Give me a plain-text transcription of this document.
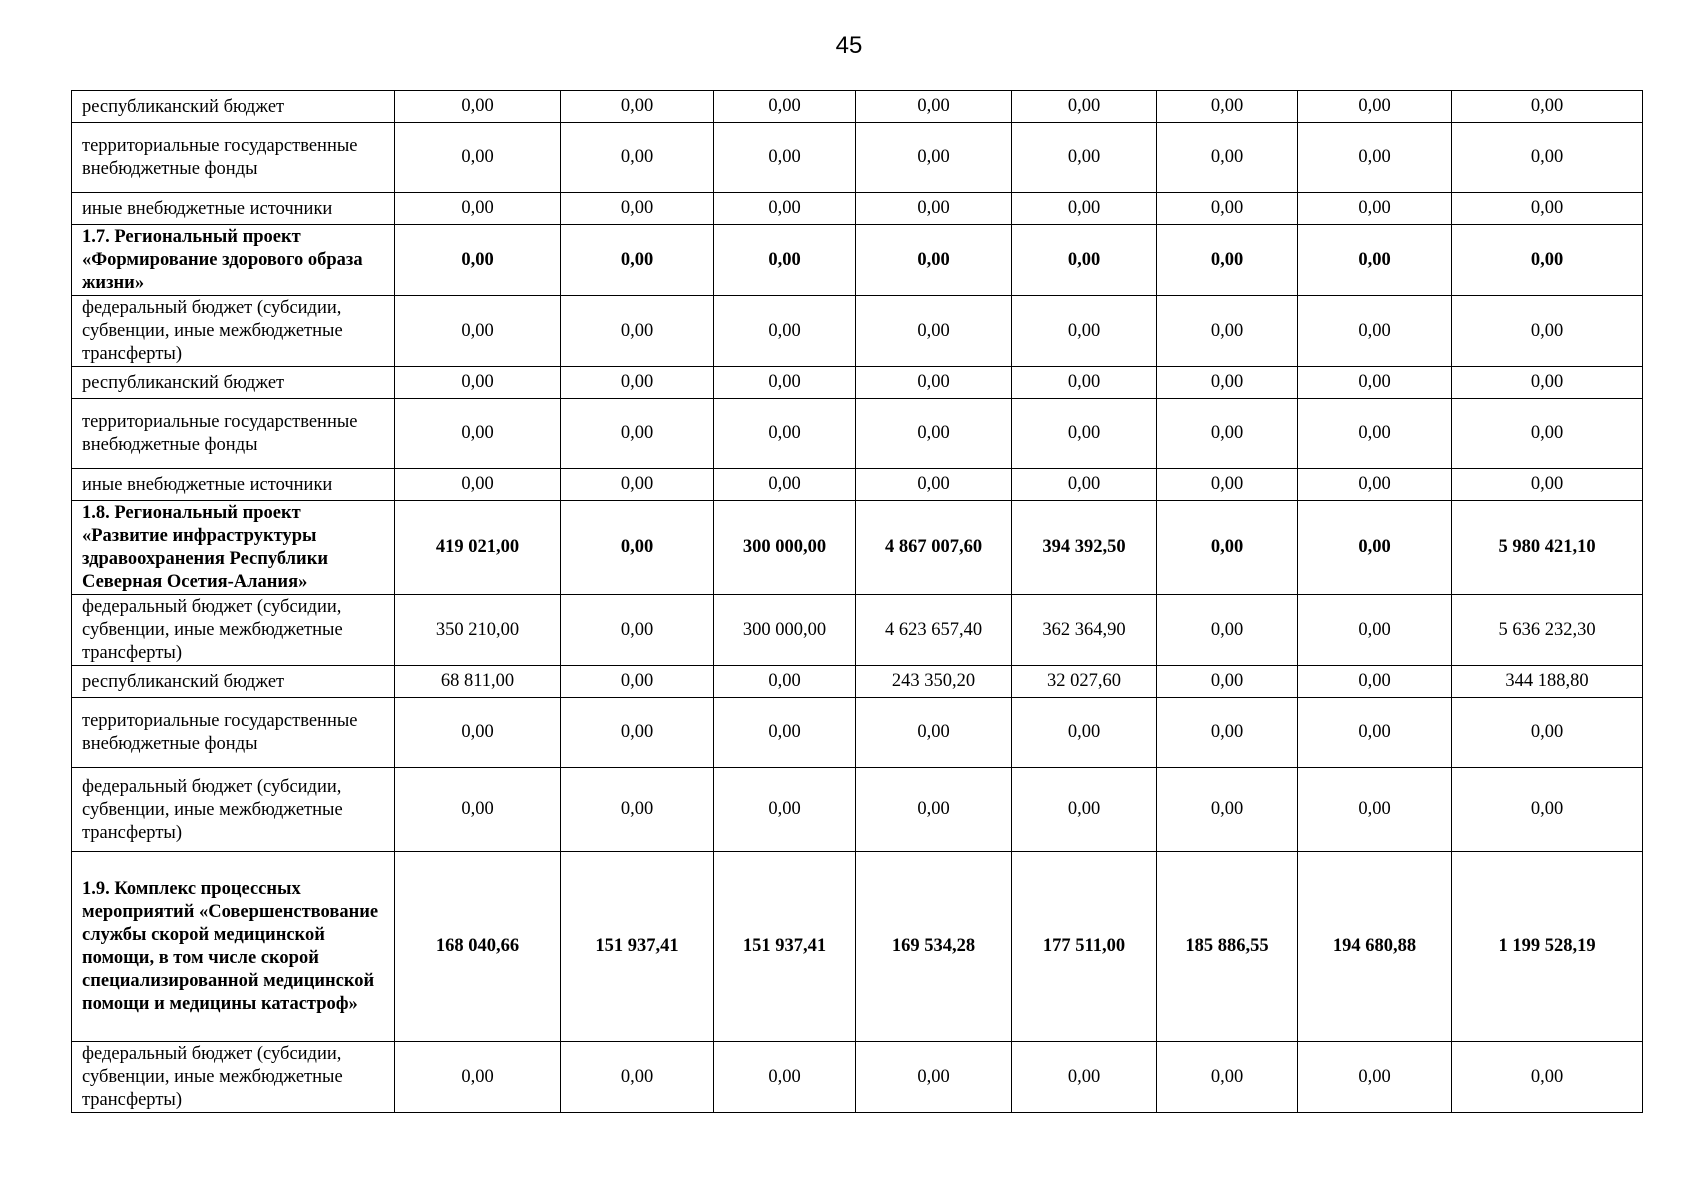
45
республиканский бюджет	0,00	0,00	0,00	0,00	0,00	0,00	0,00	0,00
территориальные государственные внебюджетные фонды	0,00	0,00	0,00	0,00	0,00	0,00	0,00	0,00
иные внебюджетные источники	0,00	0,00	0,00	0,00	0,00	0,00	0,00	0,00
1.7. Региональный проект «Формирование здорового образа жизни»	0,00	0,00	0,00	0,00	0,00	0,00	0,00	0,00
федеральный бюджет (субсидии, субвенции, иные межбюджетные трансферты)	0,00	0,00	0,00	0,00	0,00	0,00	0,00	0,00
республиканский бюджет	0,00	0,00	0,00	0,00	0,00	0,00	0,00	0,00
территориальные государственные внебюджетные фонды	0,00	0,00	0,00	0,00	0,00	0,00	0,00	0,00
иные внебюджетные источники	0,00	0,00	0,00	0,00	0,00	0,00	0,00	0,00
1.8. Региональный проект «Развитие инфраструктуры здравоохранения Республики Северная Осетия-Алания»	419 021,00	0,00	300 000,00	4 867 007,60	394 392,50	0,00	0,00	5 980 421,10
федеральный бюджет (субсидии, субвенции, иные межбюджетные трансферты)	350 210,00	0,00	300 000,00	4 623 657,40	362 364,90	0,00	0,00	5 636 232,30
республиканский бюджет	68 811,00	0,00	0,00	243 350,20	32 027,60	0,00	0,00	344 188,80
территориальные государственные внебюджетные фонды	0,00	0,00	0,00	0,00	0,00	0,00	0,00	0,00
федеральный бюджет (субсидии, субвенции, иные межбюджетные трансферты)	0,00	0,00	0,00	0,00	0,00	0,00	0,00	0,00
1.9. Комплекс процессных мероприятий «Совершенствование службы скорой медицинской помощи, в том числе скорой специализированной медицинской помощи и медицины катастроф»	168 040,66	151 937,41	151 937,41	169 534,28	177 511,00	185 886,55	194 680,88	1 199 528,19
федеральный бюджет (субсидии, субвенции, иные межбюджетные трансферты)	0,00	0,00	0,00	0,00	0,00	0,00	0,00	0,00
